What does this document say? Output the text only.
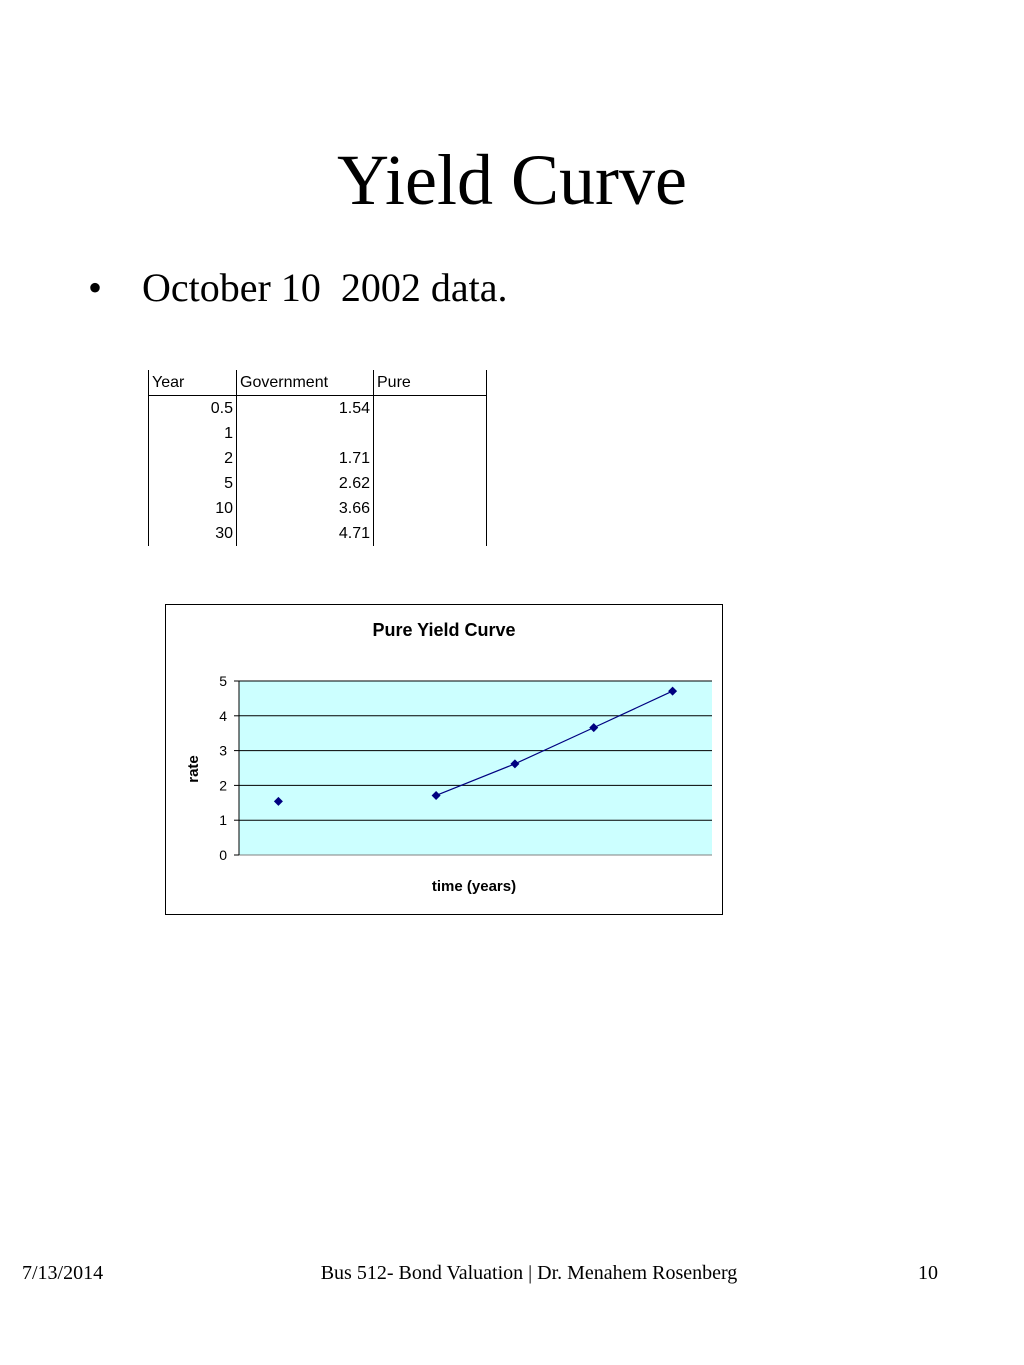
Yield Curve
• October 10  2002 data.
Year	Government	Pure
0.5	1.54	
1		
2	1.71	
5	2.62	
10	3.66	
30	4.71	
0
1
2
3
4
5
Pure Yield Curve
rate
time (years)
7/13/2014	Bus 512- Bond Valuation | Dr. Menahem Rosenberg	10
